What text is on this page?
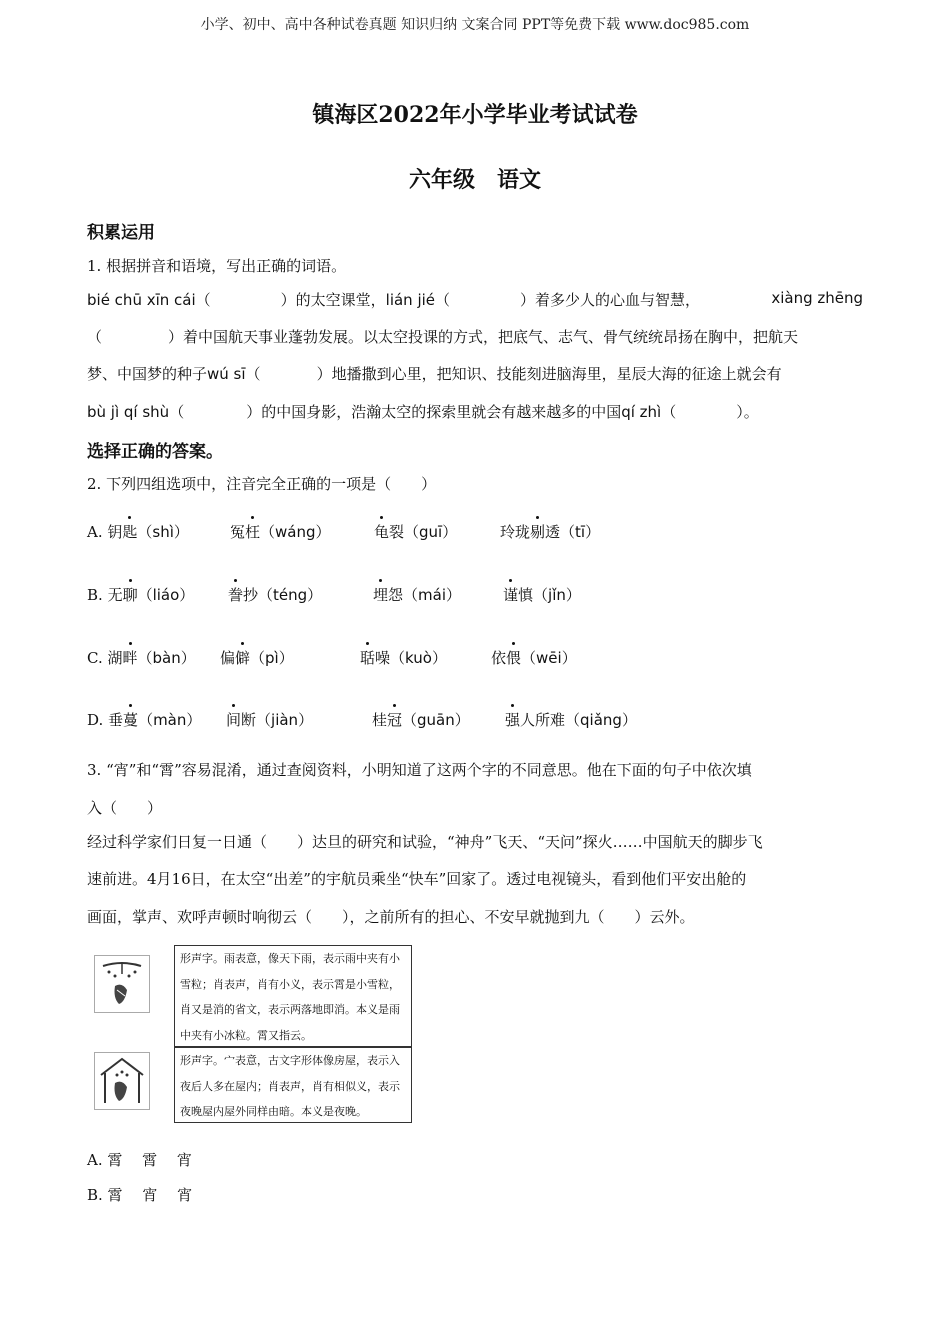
小学、初中、高中各种试卷真题 知识归纳 文案合同 PPT等免费下载 www.doc985.com
镇海区2022年小学毕业考试试卷
六年级　语文
积累运用
1. 根据拼音和语境，写出正确的词语。
bié chū xīn cái（	）的太空课堂，lián jié（	）着多少人的心血与智慧，	xiàng zhēng
（	）着中国航天事业蓬勃发展。以太空投课的方式，把底气、志气、骨气统统昂扬在胸中，把航天
梦、中国梦的种子wú sī（	）地播撒到心里，把知识、技能刻进脑海里，星辰大海的征途上就会有
bù jì qí shù（	）的中国身影，浩瀚太空的探索里就会有越来越多的中国qí zhì（	）。
选择正确的答案。
2. 下列四组选项中，注音完全正确的一项是（　　）
A. 钥匙（shì）	冤枉（wáng）	龟裂（guī）	玲珑剔透（tī）
B. 无聊（liáo） 誊抄（téng）	埋怨（mái）	谨慎（jǐn）
C. 湖畔（bàn） 偏僻（pì）	聒噪（kuò）	依偎（wēi）
D. 垂蔓（màn） 间断（jiàn）	桂冠（guān） 强人所难（qiǎng）
3. “宵”和“霄”容易混淆，通过查阅资料，小明知道了这两个字的不同意思。他在下面的句子中依次填
入（　　）
经过科学家们日复一日通（　　）达旦的研究和试验，“神舟”飞天、“天问”探火……中国航天的脚步飞
速前进。4月16日，在太空“出差”的宇航员乘坐“快车”回家了。透过电视镜头，看到他们平安出舱的
画面，掌声、欢呼声顿时响彻云（　　），之前所有的担心、不安早就抛到九（　　）云外。
形声字。雨表意，像天下雨，表示雨中夹有小雪粒；肖表声，肖有小义，表示霄是小雪粒，肖又是消的省文，表示两落地即消。本义是雨中夹有小冰粒。霄又指云。
形声字。宀表意，古文字形体像房屋，表示入夜后人多在屋内；肖表声，肖有相似义，表示夜晚屋内屋外同样由暗。本义是夜晚。
A. 霄　 霄　 宵
B. 霄　 宵　 宵
